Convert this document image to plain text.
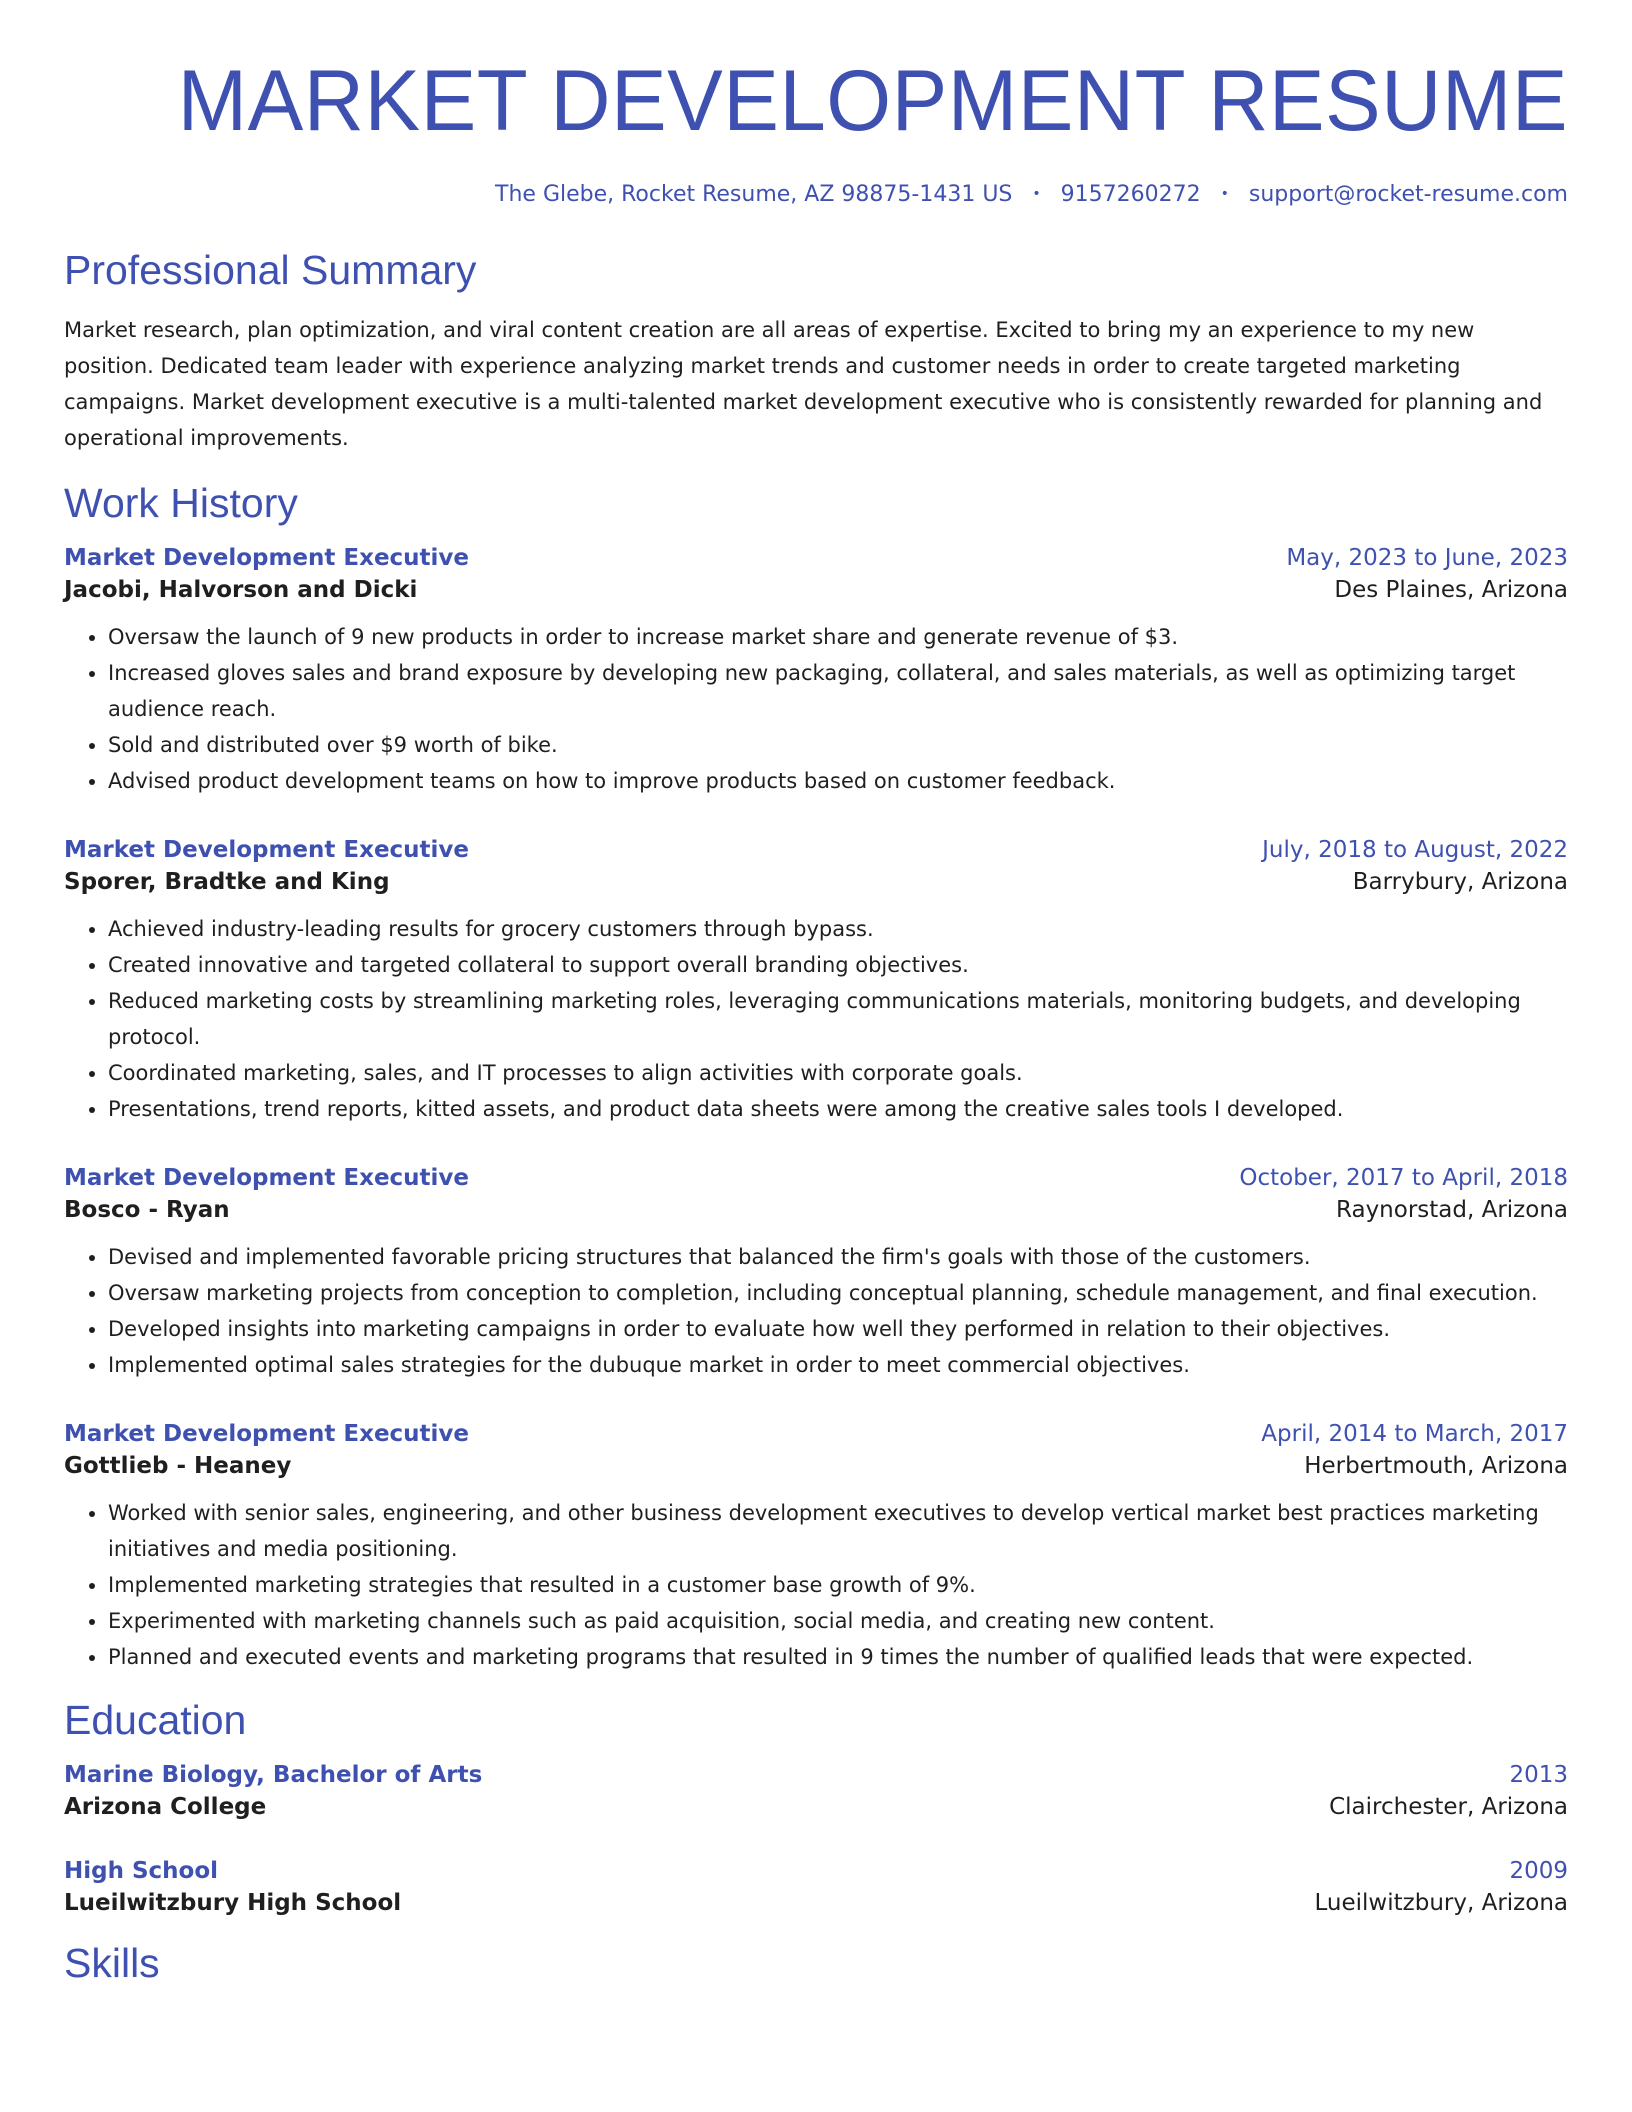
MARKET DEVELOPMENT RESUME
The Glebe, Rocket Resume, AZ 98875-1431 US • 9157260272 • support@rocket-resume.com
Professional Summary

Market research, plan optimization, and viral content creation are all areas of expertise. Excited to bring my an experience to my new position. Dedicated team leader with experience analyzing market trends and customer needs in order to create targeted marketing campaigns. Market development executive is a multi-talented market development executive who is consistently rewarded for planning and operational improvements.

Work History
Market Development Executive	May, 2023 to June, 2023
Jacobi, Halvorson and Dicki	Des Plaines, Arizona
• Oversaw the launch of 9 new products in order to increase market share and generate revenue of $3.
• Increased gloves sales and brand exposure by developing new packaging, collateral, and sales materials, as well as optimizing target audience reach.
• Sold and distributed over $9 worth of bike.
• Advised product development teams on how to improve products based on customer feedback.
Market Development Executive	July, 2018 to August, 2022
Sporer, Bradtke and King	Barrybury, Arizona
• Achieved industry-leading results for grocery customers through bypass.
• Created innovative and targeted collateral to support overall branding objectives.
• Reduced marketing costs by streamlining marketing roles, leveraging communications materials, monitoring budgets, and developing protocol.
• Coordinated marketing, sales, and IT processes to align activities with corporate goals.
• Presentations, trend reports, kitted assets, and product data sheets were among the creative sales tools I developed.
Market Development Executive	October, 2017 to April, 2018
Bosco - Ryan	Raynorstad, Arizona
• Devised and implemented favorable pricing structures that balanced the firm's goals with those of the customers.
• Oversaw marketing projects from conception to completion, including conceptual planning, schedule management, and final execution.
• Developed insights into marketing campaigns in order to evaluate how well they performed in relation to their objectives.
• Implemented optimal sales strategies for the dubuque market in order to meet commercial objectives.
Market Development Executive	April, 2014 to March, 2017
Gottlieb - Heaney	Herbertmouth, Arizona
• Worked with senior sales, engineering, and other business development executives to develop vertical market best practices marketing initiatives and media positioning.
• Implemented marketing strategies that resulted in a customer base growth of 9%.
• Experimented with marketing channels such as paid acquisition, social media, and creating new content.
• Planned and executed events and marketing programs that resulted in 9 times the number of qualified leads that were expected.
Education
Marine Biology, Bachelor of Arts	2013
Arizona College	Clairchester, Arizona
High School	2009
Lueilwitzbury High School	Lueilwitzbury, Arizona
Skills
